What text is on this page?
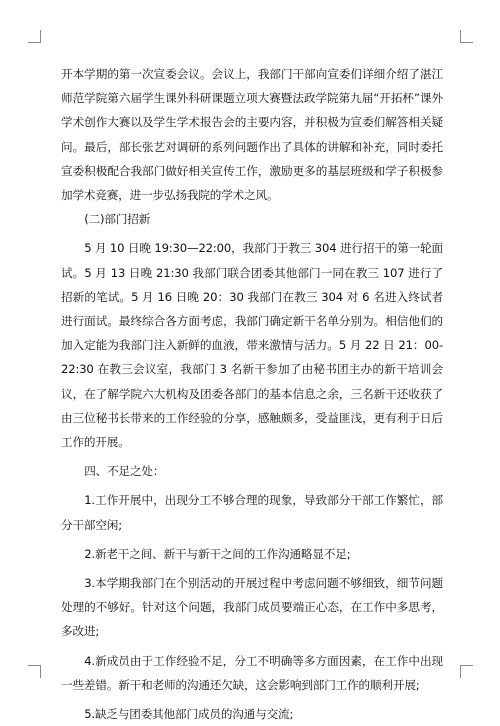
开本学期的第一次宣委会议。会议上，我部门干部向宣委们详细介绍了湛江师范学院第六届学生课外科研课题立项大赛暨法政学院第九届“开拓杯”课外学术创作大赛以及学生学术报告会的主要内容，并积极为宣委们解答相关疑问。最后，部长张艺对调研的系列问题作出了具体的讲解和补充，同时委托宣委积极配合我部门做好相关宣传工作，激励更多的基层班级和学子积极参加学术竞赛，进一步弘扬我院的学术之风。

(二)部门招新

5 月 10 日晚 19:30—22:00，我部门于教三 304 进行招干的第一轮面试。5 月 13 日晚 21:30 我部门联合团委其他部门一同在教三 107 进行了招新的笔试。5 月 16 日晚 20：30 我部门在教三 304 对 6 名进入终试者进行面试。最终综合各方面考虑，我部门确定新干名单分别为。相信他们的加入定能为我部门注入新鲜的血液，带来激情与活力。5 月 22 日 21：00-22:30 在教三会议室，我部门 3 名新干参加了由秘书团主办的新干培训会议，在了解学院六大机构及团委各部门的基本信息之余，三名新干还收获了由三位秘书长带来的工作经验的分享，感触颇多，受益匪浅，更有利于日后工作的开展。

四、不足之处：

1.工作开展中，出现分工不够合理的现象，导致部分干部工作繁忙，部分干部空闲;

2.新老干之间、新干与新干之间的工作沟通略显不足;

3.本学期我部门在个别活动的开展过程中考虑问题不够细致，细节问题处理的不够好。针对这个问题，我部门成员要端正心态，在工作中多思考，多改进;

4.新成员由于工作经验不足，分工不明确等多方面因素，在工作中出现一些差错。新干和老师的沟通还欠缺，这会影响到部门工作的顺利开展;

5.缺乏与团委其他部门成员的沟通与交流;
